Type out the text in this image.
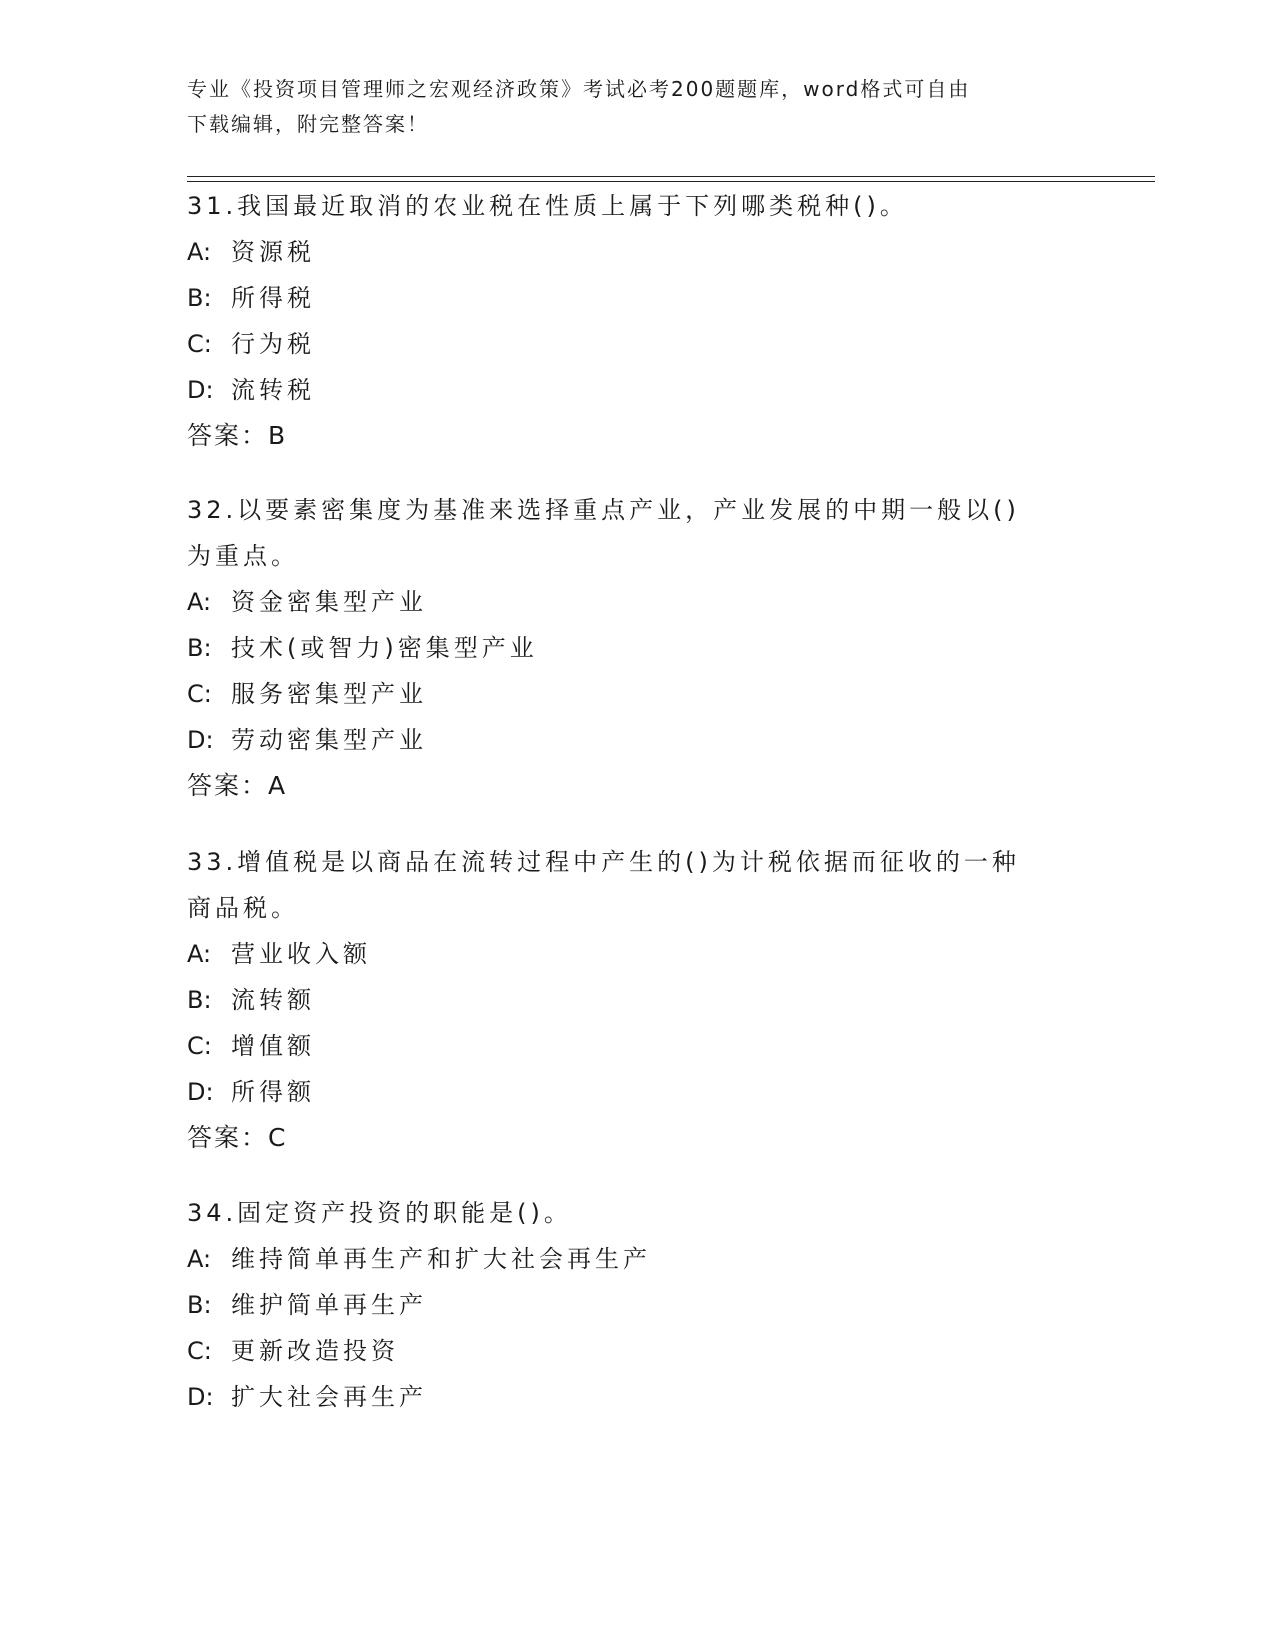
专业《投资项目管理师之宏观经济政策》考试必考200题题库，word格式可自由
下载编辑，附完整答案！
31.我国最近取消的农业税在性质上属于下列哪类税种()。
A: 资源税
B: 所得税
C: 行为税
D: 流转税
答案：B
32.以要素密集度为基准来选择重点产业，产业发展的中期一般以()为重点。
A: 资金密集型产业
B: 技术(或智力)密集型产业
C: 服务密集型产业
D: 劳动密集型产业
答案：A
33.增值税是以商品在流转过程中产生的()为计税依据而征收的一种商品税。
A: 营业收入额
B: 流转额
C: 增值额
D: 所得额
答案：C
34.固定资产投资的职能是()。
A: 维持简单再生产和扩大社会再生产
B: 维护简单再生产
C: 更新改造投资
D: 扩大社会再生产
